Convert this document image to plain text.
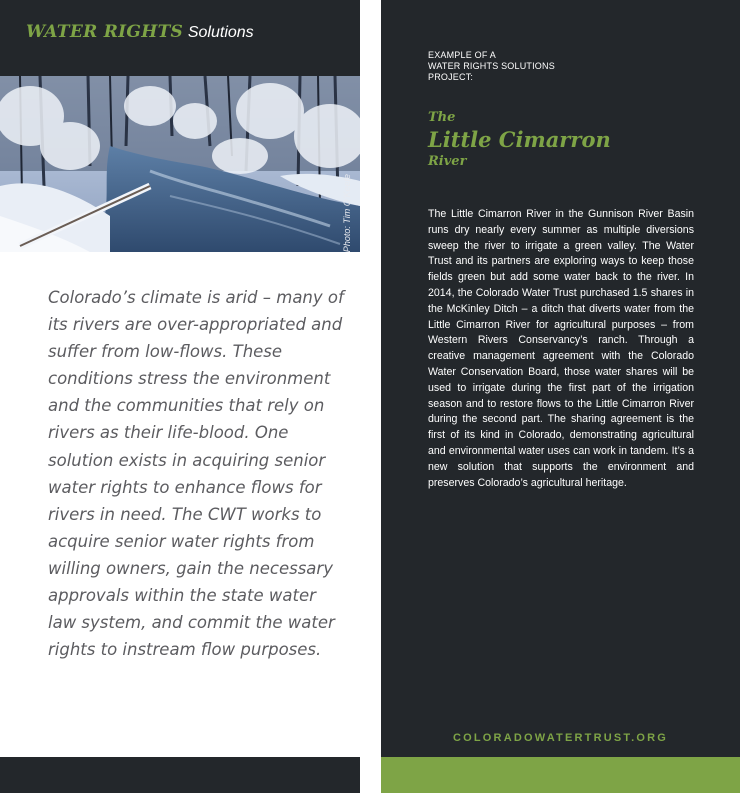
WATER RIGHTS Solutions
Photo: Tim O'Keefe

Colorado’s climate is arid – many of its rivers are over-appropriated and suffer from low-flows. These conditions stress the environment and the communities that rely on rivers as their life-blood. One solution exists in acquiring senior water rights to enhance flows for rivers in need. The CWT works to acquire senior water rights from willing owners, gain the necessary approvals within the state water law system, and commit the water rights to instream flow purposes.

EXAMPLE OF A
WATER RIGHTS SOLUTIONS
PROJECT:
The
Little Cimarron
River

The Little Cimarron River in the Gunnison River Basin runs dry nearly every summer as multiple diversions sweep the river to irrigate a green valley. The Water Trust and its partners are exploring ways to keep those fields green but add some water back to the river. In 2014, the Colorado Water Trust purchased 1.5 shares in the McKinley Ditch – a ditch that diverts water from the Little Cimarron River for agricultural purposes – from Western Rivers Conservancy’s ranch. Through a creative management agreement with the Colorado Water Conservation Board, those water shares will be used to irrigate during the first part of the irrigation season and to restore flows to the Little Cimarron River during the second part. The sharing agreement is the first of its kind in Colorado, demonstrating agricultural and environmental water uses can work in tandem. It’s a new solution that supports the environment and preserves Colorado’s agricultural heritage.

COLORADOWATERTRUST.ORG
